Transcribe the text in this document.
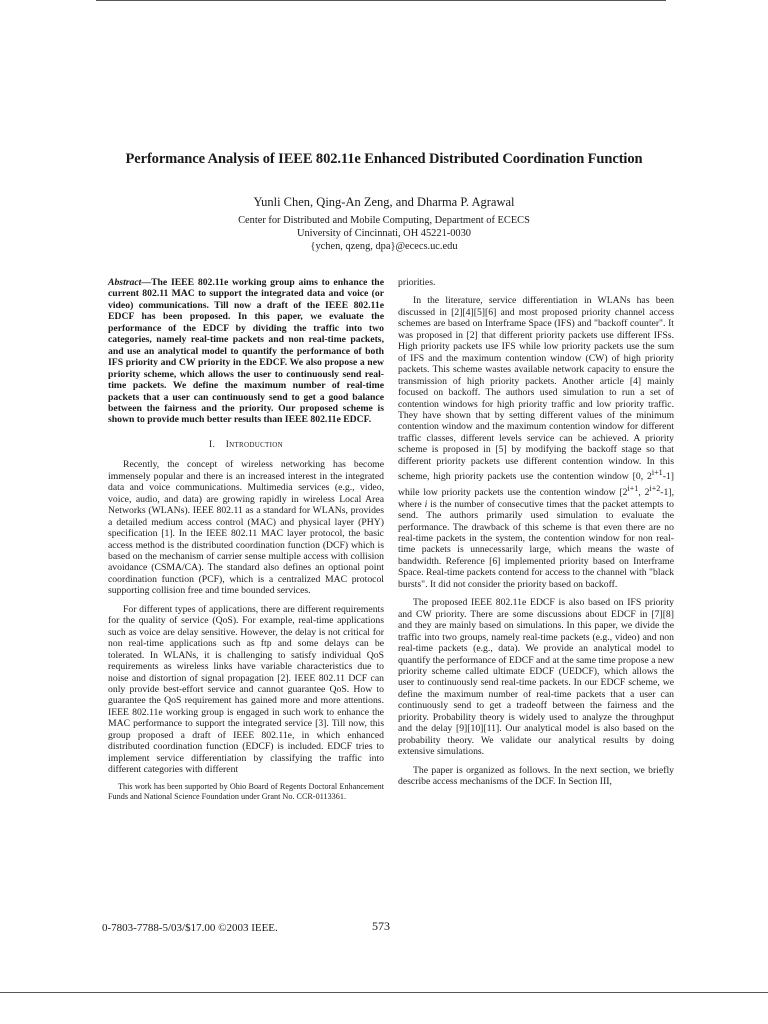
Performance Analysis of IEEE 802.11e Enhanced Distributed Coordination Function
Yunli Chen, Qing-An Zeng, and Dharma P. Agrawal
Center for Distributed and Mobile Computing, Department of ECECS
University of Cincinnati, OH 45221-0030
{ychen, qzeng, dpa}@ececs.uc.edu

Abstract—The IEEE 802.11e working group aims to enhance the current 802.11 MAC to support the integrated data and voice (or video) communications. Till now a draft of the IEEE 802.11e EDCF has been proposed. In this paper, we evaluate the performance of the EDCF by dividing the traffic into two categories, namely real-time packets and non real-time packets, and use an analytical model to quantify the performance of both IFS priority and CW priority in the EDCF. We also propose a new priority scheme, which allows the user to continuously send real-time packets. We define the maximum number of real-time packets that a user can continuously send to get a good balance between the fairness and the priority. Our proposed scheme is shown to provide much better results than IEEE 802.11e EDCF.

I. Introduction

Recently, the concept of wireless networking has become immensely popular and there is an increased interest in the integrated data and voice communications. Multimedia services (e.g., video, voice, audio, and data) are growing rapidly in wireless Local Area Networks (WLANs). IEEE 802.11 as a standard for WLANs, provides a detailed medium access control (MAC) and physical layer (PHY) specification [1]. In the IEEE 802.11 MAC layer protocol, the basic access method is the distributed coordination function (DCF) which is based on the mechanism of carrier sense multiple access with collision avoidance (CSMA/CA). The standard also defines an optional point coordination function (PCF), which is a centralized MAC protocol supporting collision free and time bounded services.

For different types of applications, there are different requirements for the quality of service (QoS). For example, real-time applications such as voice are delay sensitive. However, the delay is not critical for non real-time applications such as ftp and some delays can be tolerated. In WLANs, it is challenging to satisfy individual QoS requirements as wireless links have variable characteristics due to noise and distortion of signal propagation [2]. IEEE 802.11 DCF can only provide best-effort service and cannot guarantee QoS. How to guarantee the QoS requirement has gained more and more attentions. IEEE 802.11e working group is engaged in such work to enhance the MAC performance to support the integrated service [3]. Till now, this group proposed a draft of IEEE 802.11e, in which enhanced distributed coordination function (EDCF) is included. EDCF tries to implement service differentiation by classifying the traffic into different categories with different

This work has been supported by Ohio Board of Regents Doctoral Enhancement Funds and National Science Foundation under Grant No. CCR-0113361.

priorities.

In the literature, service differentiation in WLANs has been discussed in [2][4][5][6] and most proposed priority channel access schemes are based on Interframe Space (IFS) and "backoff counter". It was proposed in [2] that different priority packets use different IFSs. High priority packets use IFS while low priority packets use the sum of IFS and the maximum contention window (CW) of high priority packets. This scheme wastes available network capacity to ensure the transmission of high priority packets. Another article [4] mainly focused on backoff. The authors used simulation to run a set of contention windows for high priority traffic and low priority traffic. They have shown that by setting different values of the minimum contention window and the maximum contention window for different traffic classes, different levels service can be achieved. A priority scheme is proposed in [5] by modifying the backoff stage so that different priority packets use different contention window. In this scheme, high priority packets use the contention window [0, $2^{i+1}-1$] while low priority packets use the contention window [$2^{i+1}$, $2^{i+2}-1$], where i is the number of consecutive times that the packet attempts to send. The authors primarily used simulation to evaluate the performance. The drawback of this scheme is that even there are no real-time packets in the system, the contention window for non real-time packets is unnecessarily large, which means the waste of bandwidth. Reference [6] implemented priority based on Interframe Space. Real-time packets contend for access to the channel with "black bursts". It did not consider the priority based on backoff.

The proposed IEEE 802.11e EDCF is also based on IFS priority and CW priority. There are some discussions about EDCF in [7][8] and they are mainly based on simulations. In this paper, we divide the traffic into two groups, namely real-time packets (e.g., video) and non real-time packets (e.g., data). We provide an analytical model to quantify the performance of EDCF and at the same time propose a new priority scheme called ultimate EDCF (UEDCF), which allows the user to continuously send real-time packets. In our EDCF scheme, we define the maximum number of real-time packets that a user can continuously send to get a tradeoff between the fairness and the priority. Probability theory is widely used to analyze the throughput and the delay [9][10][11]. Our analytical model is also based on the probability theory. We validate our analytical results by doing extensive simulations.

The paper is organized as follows. In the next section, we briefly describe access mechanisms of the DCF. In Section III,

0-7803-7788-5/03/$17.00 ©2003 IEEE.	573
